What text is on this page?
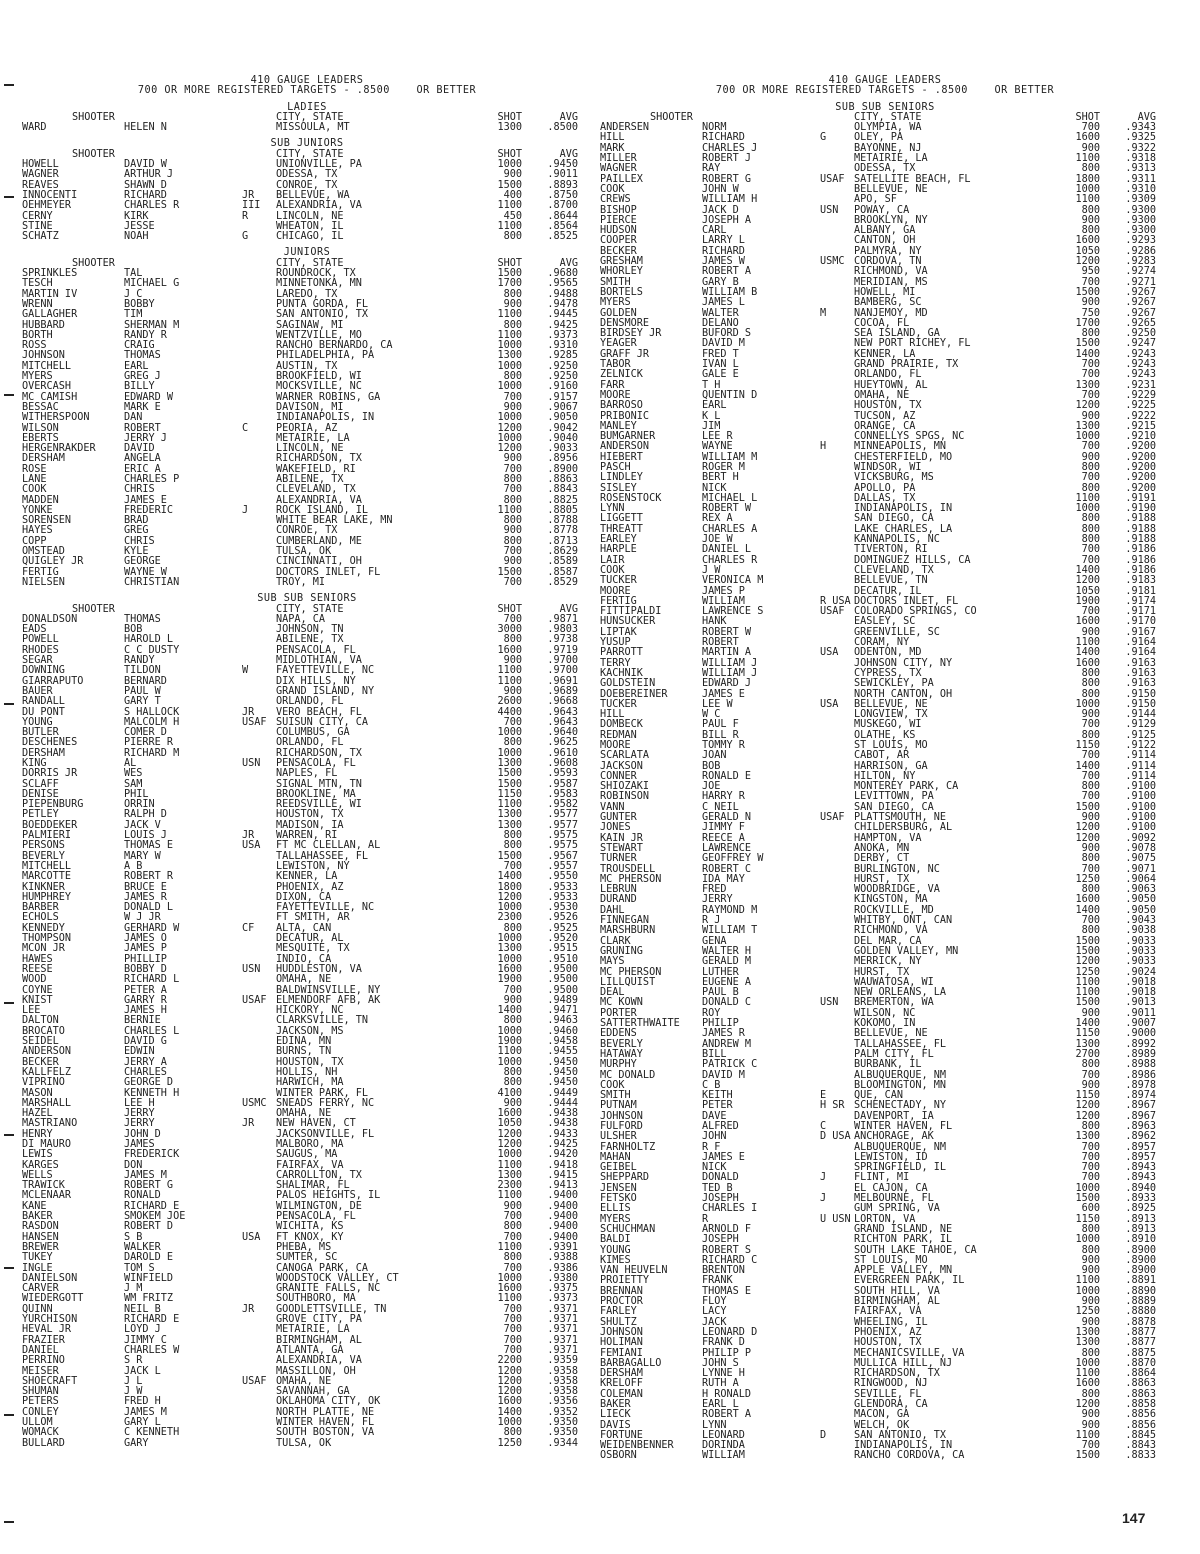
410 GAUGE LEADERS
700 OR MORE REGISTERED TARGETS - .8500    OR BETTER
LADIES
SHOOTER	CITY, STATE	SHOT	AVG
WARD	HELEN N	MISSOULA, MT	1300	.8500
SUB JUNIORS
SHOOTER	CITY, STATE	SHOT	AVG
HOWELL	DAVID W	UNIONVILLE, PA	1000	.9450
WAGNER	ARTHUR J	ODESSA, TX	900	.9011
REAVES	SHAWN D	CONROE, TX	1500	.8893
INNOCENTI	RICHARD	JR	BELLEVUE, WA	400	.8750
OEHMEYER	CHARLES R	III	ALEXANDRIA, VA	1100	.8700
CERNY	KIRK	R	LINCOLN, NE	450	.8644
STINE	JESSE	WHEATON, IL	1100	.8564
SCHATZ	NOAH	G	CHICAGO, IL	800	.8525
JUNIORS
SHOOTER	CITY, STATE	SHOT	AVG
SPRINKLES	TAL	ROUNDROCK, TX	1500	.9680
TESCH	MICHAEL G	MINNETONKA, MN	1700	.9565
MARTIN IV	J C	LAREDO, TX	800	.9488
WRENN	BOBBY	PUNTA GORDA, FL	900	.9478
GALLAGHER	TIM	SAN ANTONIO, TX	1100	.9445
HUBBARD	SHERMAN M	SAGINAW, MI	800	.9425
BORTH	RANDY R	WENTZVILLE, MO	1100	.9373
ROSS	CRAIG	RANCHO BERNARDO, CA	1000	.9310
JOHNSON	THOMAS	PHILADELPHIA, PA	1300	.9285
MITCHELL	EARL	AUSTIN, TX	1000	.9250
MYERS	GREG J	BROOKFIELD, WI	800	.9250
OVERCASH	BILLY	MOCKSVILLE, NC	1000	.9160
MC CAMISH	EDWARD W	WARNER ROBINS, GA	700	.9157
BESSAC	MARK E	DAVISON, MI	900	.9067
WITHERSPOON	DAN	INDIANAPOLIS, IN	1000	.9050
WILSON	ROBERT	C	PEORIA, AZ	1200	.9042
EBERTS	JERRY J	METAIRIE, LA	1000	.9040
HERGENRAKDER	DAVID	LINCOLN, NE	1200	.9033
DERSHAM	ANGELA	RICHARDSON, TX	900	.8956
ROSE	ERIC A	WAKEFIELD, RI	700	.8900
LANE	CHARLES P	ABILENE, TX	800	.8863
COOK	CHRIS	CLEVELAND, TX	700	.8843
MADDEN	JAMES E	ALEXANDRIA, VA	800	.8825
YONKE	FREDERIC	J	ROCK ISLAND, IL	1100	.8805
SORENSEN	BRAD	WHITE BEAR LAKE, MN	800	.8788
HAYES	GREG	CONROE, TX	900	.8778
COPP	CHRIS	CUMBERLAND, ME	800	.8713
OMSTEAD	KYLE	TULSA, OK	700	.8629
QUIGLEY JR	GEORGE	CINCINNATI, OH	900	.8589
FERTIG	WAYNE W	DOCTORS INLET, FL	1500	.8587
NIELSEN	CHRISTIAN	TROY, MI	700	.8529
SUB SUB SENIORS
SHOOTER	CITY, STATE	SHOT	AVG
DONALDSON	THOMAS	NAPA, CA	700	.9871
EADS	BOB	JOHNSON, TN	3000	.9803
POWELL	HAROLD L	ABILENE, TX	800	.9738
RHODES	C C DUSTY	PENSACOLA, FL	1600	.9719
SEGAR	RANDY	MIDLOTHIAN, VA	900	.9700
DOWNING	TILDON	W	FAYETTEVILLE, NC	1100	.9700
GIARRAPUTO	BERNARD	DIX HILLS, NY	1100	.9691
BAUER	PAUL W	GRAND ISLAND, NY	900	.9689
RANDALL	GARY T	ORLANDO, FL	2600	.9668
DU PONT	S HALLOCK	JR	VERO BEACH, FL	4400	.9643
YOUNG	MALCOLM H	USAF SUISUN CITY, CA	700	.9643
BUTLER	COMER D	COLUMBUS, GA	1000	.9640
DESCHENES	PIERRE R	ORLANDO, FL	800	.9625
DERSHAM	RICHARD M	RICHARDSON, TX	1000	.9610
KING	AL	USN	PENSACOLA, FL	1300	.9608
DORRIS JR	WES	NAPLES, FL	1500	.9593
SCLAFF	SAM	SIGNAL MTN, TN	1500	.9587
DENISE	PHIL	BROOKLINE, MA	1150	.9583
PIEPENBURG	ORRIN	REEDSVILLE, WI	1100	.9582
PETLEY	RALPH D	HOUSTON, TX	1300	.9577
BOEDDEKER	JACK V	MADISON, IA	1300	.9577
PALMIERI	LOUIS J	JR	WARREN, RI	800	.9575
PERSONS	THOMAS E	USA	FT MC CLELLAN, AL	800	.9575
BEVERLY	MARY W	TALLAHASSEE, FL	1500	.9567
MITCHELL	A B	LEWISTON, NY	700	.9557
MARCOTTE	ROBERT R	KENNER, LA	1400	.9550
KINKNER	BRUCE E	PHOENIX, AZ	1800	.9533
HUMPHREY	JAMES R	DIXON, CA	1200	.9533
BARBER	DONALD L	FAYETTEVILLE, NC	1000	.9530
ECHOLS	W J JR	FT SMITH, AR	2300	.9526
KENNEDY	GERHARD W	CF	ALTA, CAN	800	.9525
THOMPSON	JAMES O	DECATUR, AL	1000	.9520
MCON JR	JAMES P	MESQUITE, TX	1300	.9515
HAWES	PHILLIP	INDIO, CA	1000	.9510
REESE	BOBBY D	USN	HUDDLESTON, VA	1600	.9500
WOOD	RICHARD L	OMAHA, NE	1900	.9500
COYNE	PETER A	BALDWINSVILLE, NY	700	.9500
KNIST	GARRY R	USAF ELMENDORF AFB, AK	900	.9489
LEE	JAMES H	HICKORY, NC	1400	.9471
DALTON	BERNIE	CLARKSVILLE, TN	800	.9463
BROCATO	CHARLES L	JACKSON, MS	1000	.9460
SEIDEL	DAVID G	EDINA, MN	1900	.9458
ANDERSON	EDWIN	BURNS, TN	1100	.9455
BECKER	JERRY A	HOUSTON, TX	1000	.9450
KALLFELZ	CHARLES	HOLLIS, NH	800	.9450
VIPRINO	GEORGE D	HARWICH, MA	800	.9450
MASON	KENNETH H	WINTER PARK, FL	4100	.9449
MARSHALL	LEE H	USMC SNEADS FERRY, NC	900	.9444
HAZEL	JERRY	OMAHA, NE	1600	.9438
MASTRIANO	JERRY	JR	NEW HAVEN, CT	1050	.9438
HENRY	JOHN D	JACKSONVILLE, FL	1200	.9433
DI MAURO	JAMES	MALBORO, MA	1200	.9425
LEWIS	FREDERICK	SAUGUS, MA	1000	.9420
KARGES	DON	FAIRFAX, VA	1100	.9418
WELLS	JAMES M	CARROLLTON, TX	1300	.9415
TRAWICK	ROBERT G	SHALIMAR, FL	2300	.9413
MCLENAAR	RONALD	PALOS HEIGHTS, IL	1100	.9400
KANE	RICHARD E	WILMINGTON, DE	900	.9400
BAKER	SMOKEM JOE	PENSACOLA, FL	700	.9400
RASDON	ROBERT D	WICHITA, KS	800	.9400
HANSEN	S B	USA	FT KNOX, KY	700	.9400
BREWER	WALKER	PHEBA, MS	1100	.9391
TUKEY	DAROLD E	SUMTER, SC	800	.9388
INGLE	TOM S	CANOGA PARK, CA	700	.9386
DANIELSON	WINFIELD	WOODSTOCK VALLEY, CT	1000	.9380
CARVER	J M	GRANITE FALLS, NC	1600	.9375
WIEDERGOTT	WM FRITZ	SOUTHBORO, MA	1100	.9373
QUINN	NEIL B	JR	GOODLETTSVILLE, TN	700	.9371
YURCHISON	RICHARD E	GROVE CITY, PA	700	.9371
HEVAL JR	LOYD J	METAIRIE, LA	700	.9371
FRAZIER	JIMMY C	BIRMINGHAM, AL	700	.9371
DANIEL	CHARLES W	ATLANTA, GA	700	.9371
PERRINO	S R	ALEXANDRIA, VA	2200	.9359
MEISER	JACK L	MASSILLON, OH	1200	.9358
SHOECRAFT	J L	USAF OMAHA, NE	1200	.9358
SHUMAN	J W	SAVANNAH, GA	1200	.9358
PETERS	FRED H	OKLAHOMA CITY, OK	1600	.9356
CONLEY	JAMES M	NORTH PLATTE, NE	1400	.9352
ULLOM	GARY L	WINTER HAVEN, FL	1000	.9350
WOMACK	C KENNETH	SOUTH BOSTON, VA	800	.9350
BULLARD	GARY	TULSA, OK	1250	.9344
410 GAUGE LEADERS
700 OR MORE REGISTERED TARGETS - .8500    OR BETTER
SUB SUB SENIORS
SHOOTER	CITY, STATE	SHOT	AVG
ANDERSEN	NORM	OLYMPIA, WA	700	.9343
HILL	RICHARD	G	OLEY, PA	1600	.9325
MARK	CHARLES J	BAYONNE, NJ	900	.9322
MILLER	ROBERT J	METAIRIE, LA	1100	.9318
WAGNER	RAY	ODESSA, TX	800	.9313
PAILLEX	ROBERT G	USAF SATELLITE BEACH, FL	1800	.9311
COOK	JOHN W	BELLEVUE, NE	1000	.9310
CREWS	WILLIAM H	APO, SF	1100	.9309
BISHOP	JACK D	USN	POWAY, CA	800	.9300
PIERCE	JOSEPH A	BROOKLYN, NY	900	.9300
HUDSON	CARL	ALBANY, GA	800	.9300
COOPER	LARRY L	CANTON, OH	1600	.9293
BECKER	RICHARD	PALMYRA, NY	1050	.9286
GRESHAM	JAMES W	USMC CORDOVA, TN	1200	.9283
WHORLEY	ROBERT A	RICHMOND, VA	950	.9274
SMITH	GARY B	MERIDIAN, MS	700	.9271
BORTELS	WILLIAM B	HOWELL, MI	1500	.9267
MYERS	JAMES L	BAMBERG, SC	900	.9267
GOLDEN	WALTER	M	NANJEMOY, MD	750	.9267
DENSMORE	DELANO	COCOA, FL	1700	.9265
BIRDSEY JR	BUFORD S	SEA ISLAND, GA	800	.9250
YEAGER	DAVID M	NEW PORT RICHEY, FL	1500	.9247
GRAFF JR	FRED T	KENNER, LA	1400	.9243
TABOR	IVAN L	GRAND PRAIRIE, TX	700	.9243
ZELNICK	GALE E	ORLANDO, FL	700	.9243
FARR	T H	HUEYTOWN, AL	1300	.9231
MOORE	QUENTIN D	OMAHA, NE	700	.9229
BARROSO	EARL	HOUSTON, TX	1200	.9225
PRIBONIC	K L	TUCSON, AZ	900	.9222
MANLEY	JIM	ORANGE, CA	1300	.9215
BUMGARNER	LEE R	CONNELLYS SPGS, NC	1000	.9210
ANDERSON	WAYNE	H	MINNEAPOLIS, MN	700	.9200
HIEBERT	WILLIAM M	CHESTERFIELD, MO	900	.9200
PASCH	ROGER M	WINDSOR, WI	800	.9200
LINDLEY	BERT H	VICKSBURG, MS	700	.9200
SISLEY	NICK	APOLLO, PA	800	.9200
ROSENSTOCK	MICHAEL L	DALLAS, TX	1100	.9191
LYNN	ROBERT W	INDIANAPOLIS, IN	1000	.9190
LIGGETT	REX A	SAN DIEGO, CA	800	.9188
THREATT	CHARLES A	LAKE CHARLES, LA	800	.9188
EARLEY	JOE W	KANNAPOLIS, NC	800	.9188
HARPLE	DANIEL L	TIVERTON, RI	700	.9186
LAIR	CHARLES R	DOMINGUEZ HILLS, CA	700	.9186
COOK	J W	CLEVELAND, TX	1400	.9186
TUCKER	VERONICA M	BELLEVUE, TN	1200	.9183
MOORE	JAMES P	DECATUR, IL	1050	.9181
FERTIG	WILLIAM	R USA DOCTORS INLET, FL	1900	.9174
FITTIPALDI	LAWRENCE S	USAF COLORADO SPRINGS, CO	700	.9171
HUNSUCKER	HANK	EASLEY, SC	1600	.9170
LIPTAK	ROBERT W	GREENVILLE, SC	900	.9167
YUSUP	ROBERT	CORAM, NY	1100	.9164
PARROTT	MARTIN A	USA	ODENTON, MD	1400	.9164
TERRY	WILLIAM J	JOHNSON CITY, NY	1600	.9163
KACHNIK	WILLIAM J	CYPRESS, TX	800	.9163
GOLDSTEIN	EDWARD J	SEWICKLEY, PA	800	.9163
DOEBEREINER	JAMES E	NORTH CANTON, OH	800	.9150
TUCKER	LEE W	USA	BELLEVUE, NE	1000	.9150
HILL	W C	LONGVIEW, TX	900	.9144
DOMBECK	PAUL F	MUSKEGO, WI	700	.9129
REDMAN	BILL R	OLATHE, KS	800	.9125
MOORE	TOMMY R	ST LOUIS, MO	1150	.9122
SCARLATA	JOAN	CABOT, AR	700	.9114
JACKSON	BOB	HARRISON, GA	1400	.9114
CONNER	RONALD E	HILTON, NY	700	.9114
SHIOZAKI	JOE	MONTEREY PARK, CA	800	.9100
ROBINSON	HARRY R	LEVITTOWN, PA	700	.9100
VANN	C NEIL	SAN DIEGO, CA	1500	.9100
GUNTER	GERALD N	USAF PLATTSMOUTH, NE	900	.9100
JONES	JIMMY F	CHILDERSBURG, AL	1200	.9100
KAIN JR	REECE A	HAMPTON, VA	1200	.9092
STEWART	LAWRENCE	ANOKA, MN	900	.9078
TURNER	GEOFFREY W	DERBY, CT	800	.9075
TROUSDELL	ROBERT C	BURLINGTON, NC	700	.9071
MC PHERSON	IDA MAY	HURST, TX	1250	.9064
LEBRUN	FRED	WOODBRIDGE, VA	800	.9063
DURAND	JERRY	KINGSTON, MA	1600	.9050
DAHL	RAYMOND M	ROCKVILLE, MD	1400	.9050
FINNEGAN	R J	WHITBY, ONT, CAN	700	.9043
MARSHBURN	WILLIAM T	RICHMOND, VA	800	.9038
CLARK	GENA	DEL MAR, CA	1500	.9033
GRUNING	WALTER H	GOLDEN VALLEY, MN	1500	.9033
MAYS	GERALD M	MERRICK, NY	1200	.9033
MC PHERSON	LUTHER	HURST, TX	1250	.9024
LILLQUIST	EUGENE A	WAUWATOSA, WI	1100	.9018
DEAL	PAUL B	NEW ORLEANS, LA	1100	.9018
MC KOWN	DONALD C	USN	BREMERTON, WA	1500	.9013
PORTER	ROY	WILSON, NC	900	.9011
SATTERTHWAITE	PHILIP	KOKOMO, IN	1400	.9007
EDDENS	JAMES R	BELLEVUE, NE	1150	.9000
BEVERLY	ANDREW M	TALLAHASSEE, FL	1300	.8992
HATAWAY	BILL	PALM CITY, FL	2700	.8989
MURPHY	PATRICK C	BURBANK, IL	800	.8988
MC DONALD	DAVID M	ALBUQUERQUE, NM	700	.8986
COOK	C B	BLOOMINGTON, MN	900	.8978
SMITH	KEITH	E	QUE, CAN	1150	.8974
PUTNAM	PETER	H SR SCHENECTADY, NY	1200	.8967
JOHNSON	DAVE	DAVENPORT, IA	1200	.8967
FULFORD	ALFRED	C	WINTER HAVEN, FL	800	.8963
ULSHER	JOHN	D USA ANCHORAGE, AK	1300	.8962
FARNHOLTZ	R F	ALBUQUERQUE, NM	700	.8957
MAHAN	JAMES E	LEWISTON, ID	700	.8957
GEIBEL	NICK	SPRINGFIELD, IL	700	.8943
SHEPPARD	DONALD	J	FLINT, MI	700	.8943
JENSEN	TED B	EL CAJON, CA	1000	.8940
FETSKO	JOSEPH	J	MELBOURNE, FL	1500	.8933
ELLIS	CHARLES I	GUM SPRING, VA	600	.8925
MYERS	R	U USN LORTON, VA	1150	.8913
SCHUCHMAN	ARNOLD F	GRAND ISLAND, NE	800	.8913
BALDI	JOSEPH	RICHTON PARK, IL	1000	.8910
YOUNG	ROBERT S	SOUTH LAKE TAHOE, CA	800	.8900
KIMES	RICHARD C	ST LOUIS, MO	900	.8900
VAN HEUVELN	BRENTON	APPLE VALLEY, MN	900	.8900
PROIETTY	FRANK	EVERGREEN PARK, IL	1100	.8891
BRENNAN	THOMAS E	SOUTH HILL, VA	1000	.8890
PROCTOR	FLOY	BIRMINGHAM, AL	900	.8889
FARLEY	LACY	FAIRFAX, VA	1250	.8880
SHULTZ	JACK	WHEELING, IL	900	.8878
JOHNSON	LEONARD D	PHOENIX, AZ	1300	.8877
HOLIMAN	FRANK D	HOUSTON, TX	1300	.8877
FEMIANI	PHILIP P	MECHANICSVILLE, VA	800	.8875
BARBAGALLO	JOHN S	MULLICA HILL, NJ	1000	.8870
DERSHAM	LYNNE H	RICHARDSON, TX	1100	.8864
KRELOFF	RUTH A	RINGWOOD, NJ	1600	.8863
COLEMAN	H RONALD	SEVILLE, FL	800	.8863
BAKER	EARL L	GLENDORA, CA	1200	.8858
LIECK	ROBERT A	MACON, GA	900	.8856
DAVIS	LYNN	WELCH, OK	900	.8856
FORTUNE	LEONARD	D	SAN ANTONIO, TX	1100	.8845
WEIDENBENNER	DORINDA	INDIANAPOLIS, IN	700	.8843
OSBORN	WILLIAM	RANCHO CORDOVA, CA	1500	.8833
147
